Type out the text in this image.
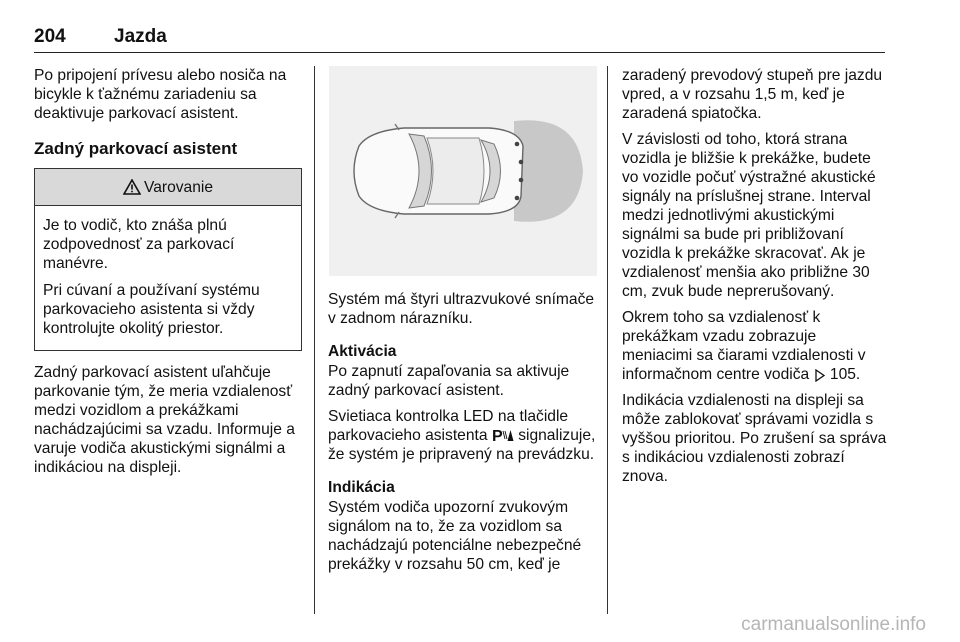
204	Jazda

Po pripojení prívesu alebo nosiča na bicykle k ťažnému zariadeniu sa deaktivuje parkovací asistent.

Zadný parkovací asistent
Varovanie

Je to vodič, kto znáša plnú zodpovednosť za parkovací manévre.

Pri cúvaní a používaní systému parkovacieho asistenta si vždy kontrolujte okolitý priestor.

Zadný parkovací asistent uľahčuje parkovanie tým, že meria vzdialenosť medzi vozidlom a prekážkami nachádzajúcimi sa vzadu. Informuje a varuje vodiča akustickými signálmi a indikáciou na displeji.

Systém má štyri ultrazvukové snímače v zadnom nárazníku.

Aktivácia
Po zapnutí zapaľovania sa aktivuje zadný parkovací asistent.

Svietiaca kontrolka LED na tlačidle parkovacieho asistenta P signalizuje, že systém je pripravený na prevádzku.

Indikácia
Systém vodiča upozorní zvukovým signálom na to, že za vozidlom sa nachádzajú potenciálne nebezpečné prekážky v rozsahu 50 cm, keď je

zaradený prevodový stupeň pre jazdu vpred, a v rozsahu 1,5 m, keď je zaradená spiatočka.

V závislosti od toho, ktorá strana vozidla je bližšie k prekážke, budete vo vozidle počuť výstražné akustické signály na príslušnej strane. Interval medzi jednotlivými akustickými signálmi sa bude pri približovaní vozidla k prekážke skracovať. Ak je vzdialenosť menšia ako približne 30 cm, zvuk bude neprerušovaný.

Okrem toho sa vzdialenosť k prekážkam vzadu zobrazuje meniacimi sa čiarami vzdialenosti v informačnom centre vodiča 105.

Indikácia vzdialenosti na displeji sa môže zablokovať správami vozidla s vyššou prioritou. Po zrušení sa správa s indikáciou vzdialenosti zobrazí znova.

carmanualsonline.info
